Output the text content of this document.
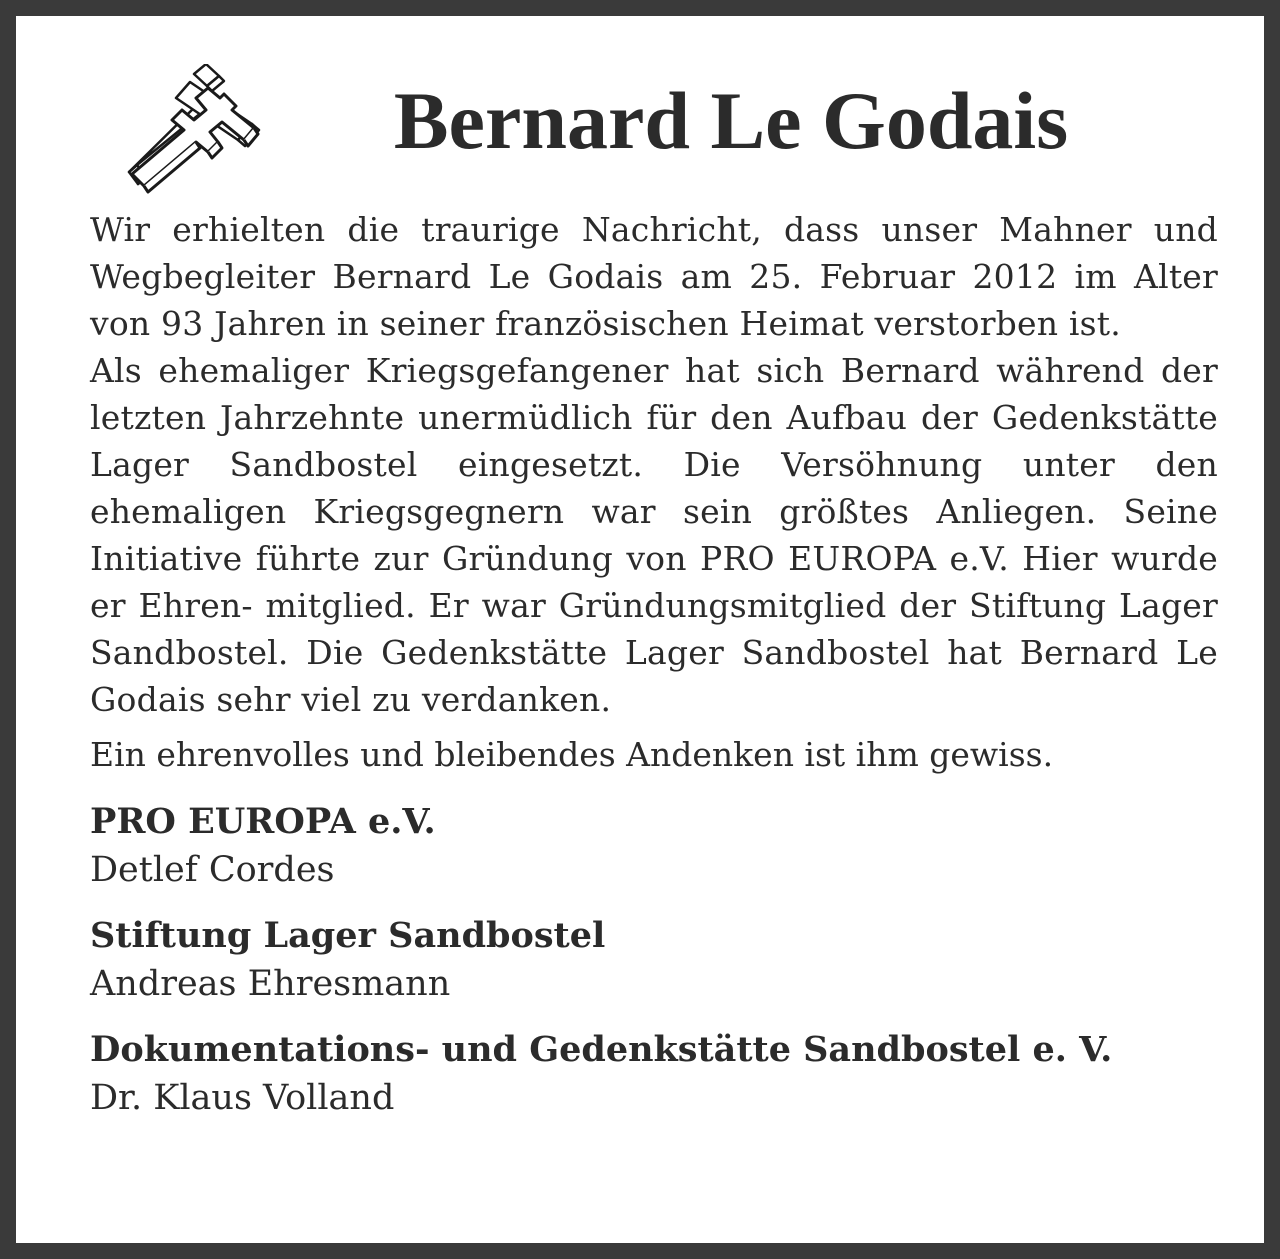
Bernard Le Godais

Wir erhielten die traurige Nachricht, dass unser Mahner und Wegbegleiter Bernard Le Godais am 25. Februar 2012 im Alter von 93 Jahren in seiner französischen Heimat verstorben ist.

Als ehemaliger Kriegsgefangener hat sich Bernard während der letzten Jahrzehnte unermüdlich für den Aufbau der Gedenkstätte Lager Sandbostel eingesetzt. Die Versöhnung unter den ehemaligen Kriegsgegnern war sein größtes Anliegen. Seine Initiative führte zur Gründung von PRO EUROPA e.V. Hier wurde er Ehren- mitglied. Er war Gründungsmitglied der Stiftung Lager Sandbostel. Die Gedenkstätte Lager Sandbostel hat Bernard Le Godais sehr viel zu verdanken.

Ein ehrenvolles und bleibendes Andenken ist ihm gewiss.

PRO EUROPA e.V.

Detlef Cordes

Stiftung Lager Sandbostel

Andreas Ehresmann

Dokumentations- und Gedenkstätte Sandbostel e. V.

Dr. Klaus Volland
